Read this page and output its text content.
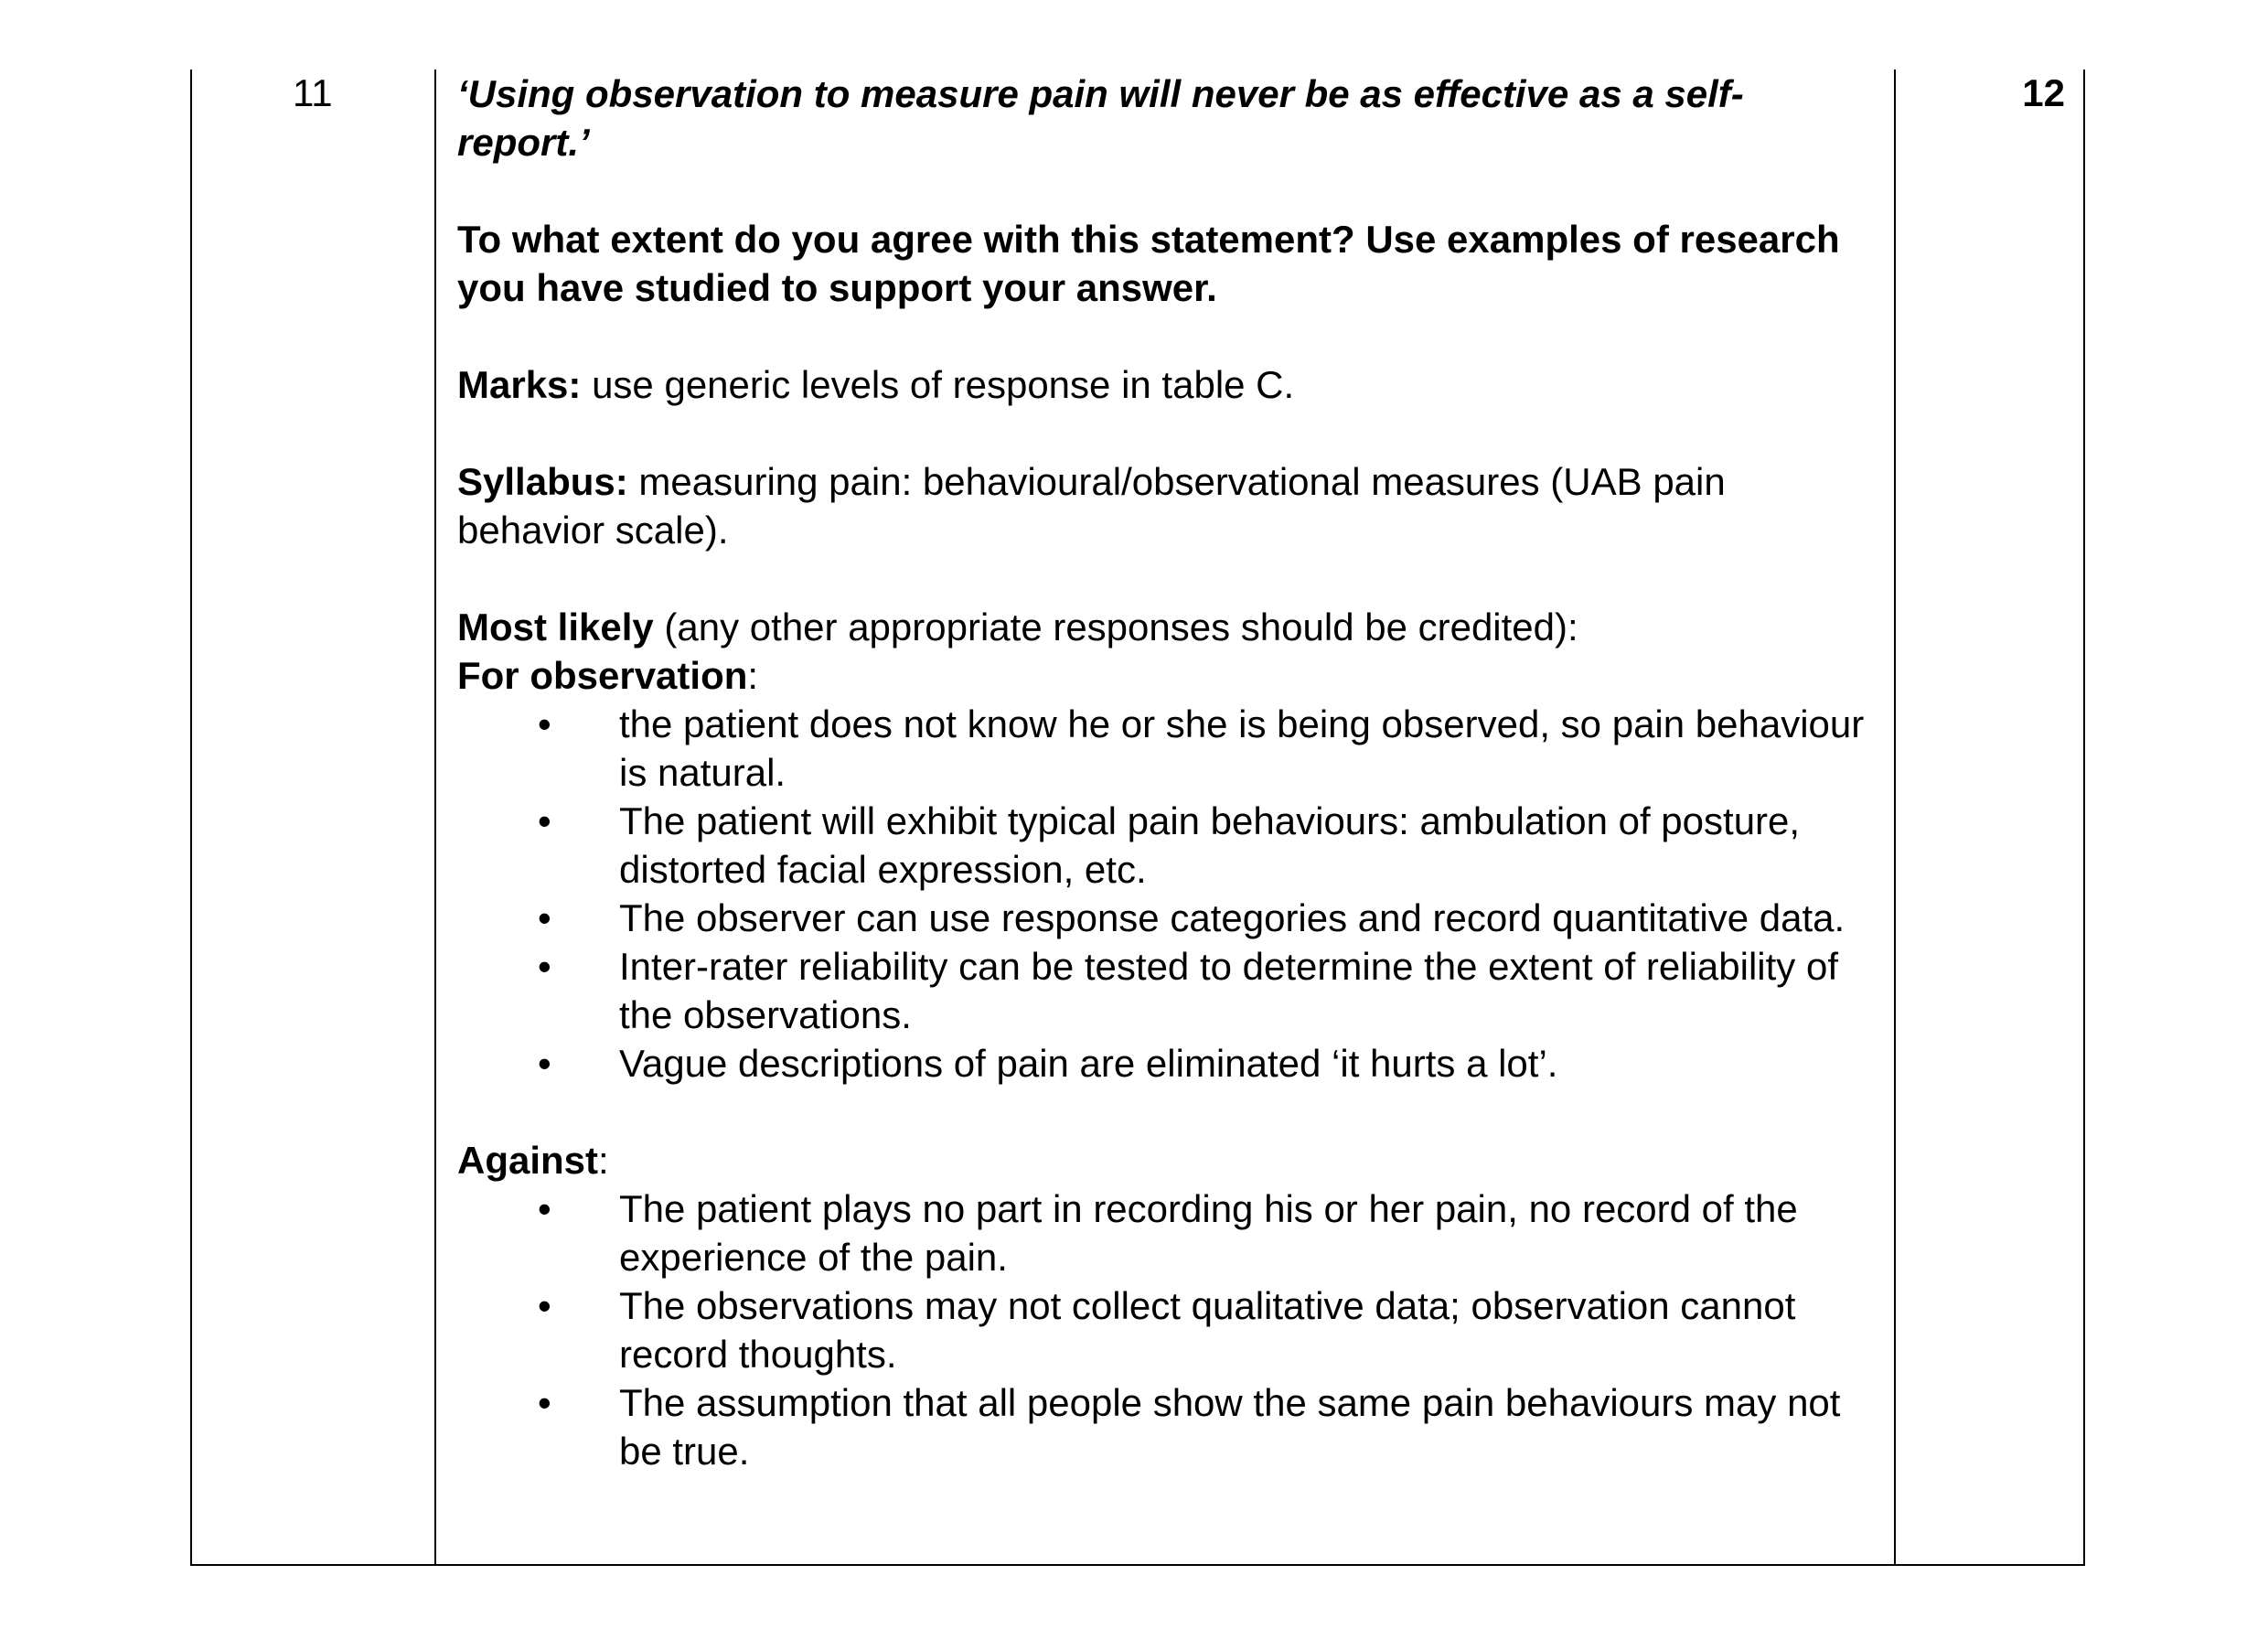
11	12

‘Using observation to measure pain will never be as effective as a self-report.’

To what extent do you agree with this statement? Use examples of research you have studied to support your answer.

Marks: use generic levels of response in table C.

Syllabus: measuring pain: behavioural/observational measures (UAB pain behavior scale).

Most likely (any other appropriate responses should be credited):

For observation:

• the patient does not know he or she is being observed, so pain behaviour is natural.
• The patient will exhibit typical pain behaviours: ambulation of posture, distorted facial expression, etc.
• The observer can use response categories and record quantitative data.
• Inter-rater reliability can be tested to determine the extent of reliability of the observations.
• Vague descriptions of pain are eliminated ‘it hurts a lot’.

Against:

• The patient plays no part in recording his or her pain, no record of the experience of the pain.
• The observations may not collect qualitative data; observation cannot record thoughts.
• The assumption that all people show the same pain behaviours may not be true.
